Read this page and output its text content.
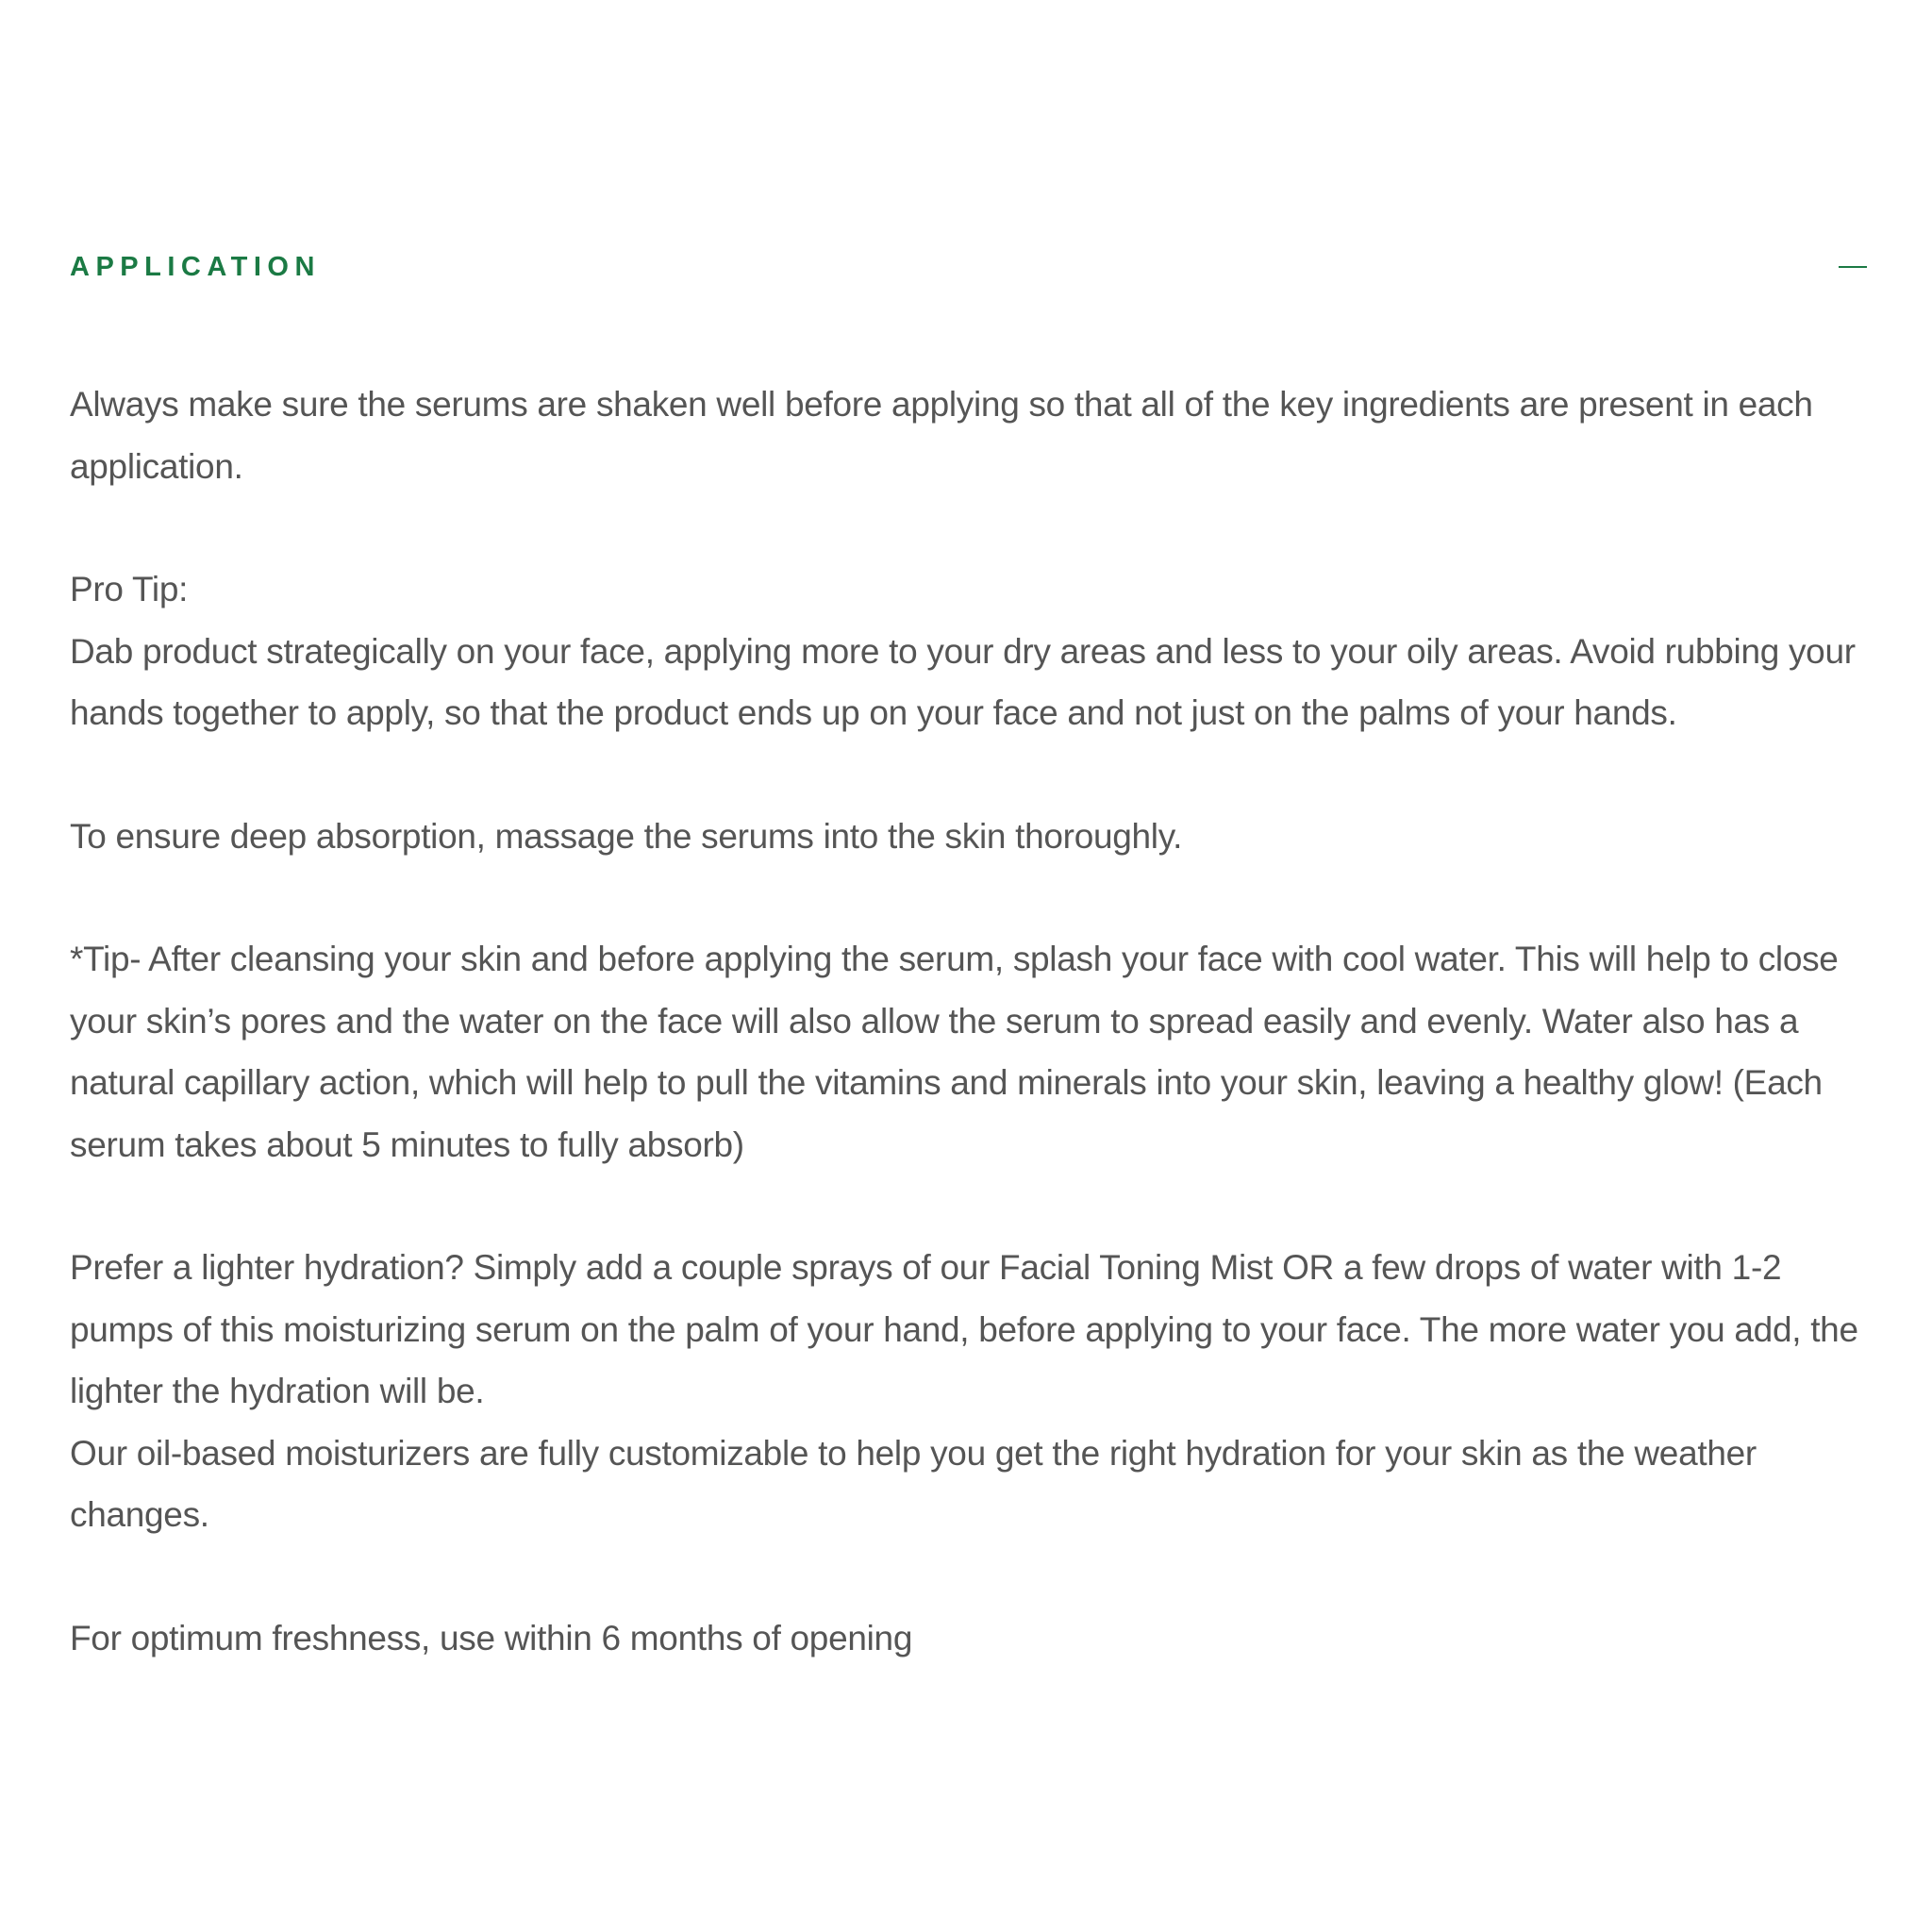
APPLICATION

Always make sure the serums are shaken well before applying so that all of the key ingredients are present in each application.

Pro Tip:
Dab product strategically on your face, applying more to your dry areas and less to your oily areas. Avoid rubbing your hands together to apply, so that the product ends up on your face and not just on the palms of your hands.

To ensure deep absorption, massage the serums into the skin thoroughly.

*Tip- After cleansing your skin and before applying the serum, splash your face with cool water. This will help to close your skin’s pores and the water on the face will also allow the serum to spread easily and evenly. Water also has a natural capillary action, which will help to pull the vitamins and minerals into your skin, leaving a healthy glow! (Each serum takes about 5 minutes to fully absorb)

Prefer a lighter hydration? Simply add a couple sprays of our Facial Toning Mist OR a few drops of water with 1-2 pumps of this moisturizing serum on the palm of your hand, before applying to your face. The more water you add, the lighter the hydration will be.
Our oil-based moisturizers are fully customizable to help you get the right hydration for your skin as the weather changes.

For optimum freshness, use within 6 months of opening
